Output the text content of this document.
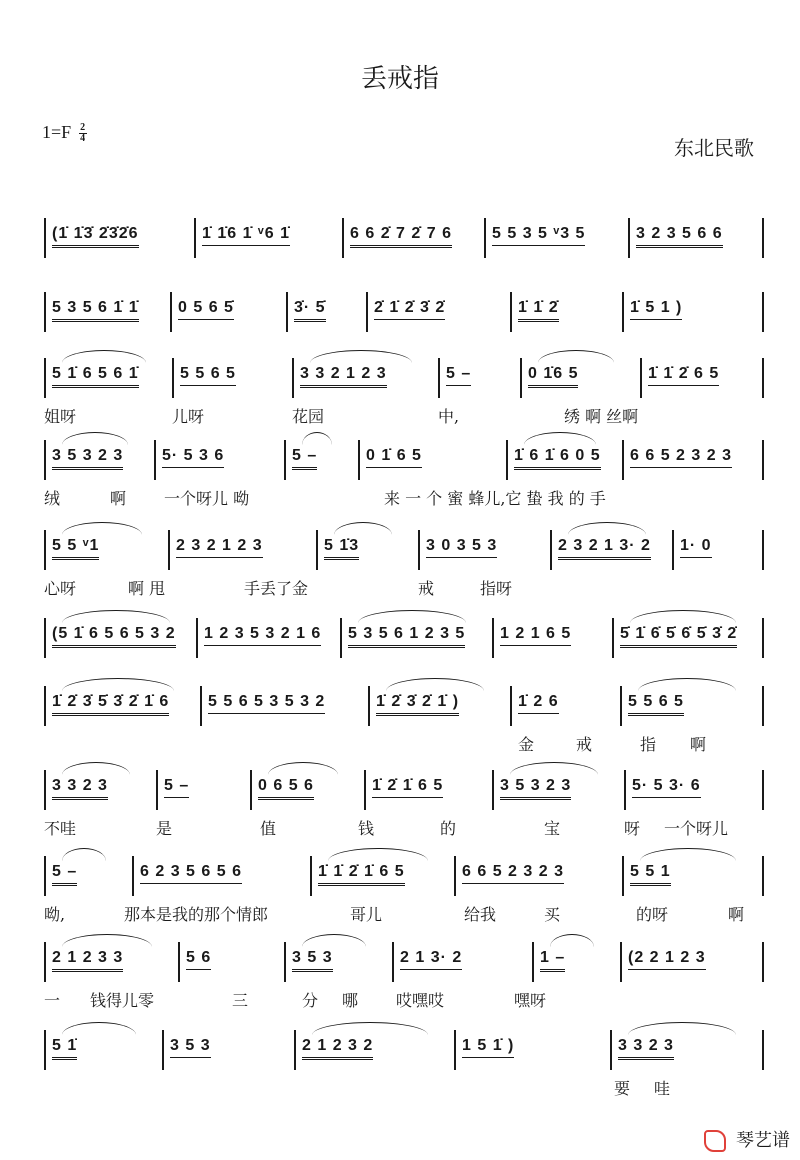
丢戒指
$1=F \frac{2}{4}$
东北民歌
(1̇ 1̇3̇ 2̇3̇2̇6	1̇ 1̇6 1̇ ᵛ6 1̇	6 6 2̇ 7 2̇ 7 6	5 5 3 5 ᵛ3 5	3 2 3 5 6 6
5 3 5 6 1̇ 1̇ 0 5 6 5̇	3̇· 5̇	2̇ 1̇ 2̇ 3̇ 2̇	1̇ 1̇ 2̇	1̇ 5 1 )
5 1̇ 6 5 6 1̇	5 5 6 5	3 3 2 1 2 3	5 –	0 1̇6 5	1̇ 1̇ 2̇ 6 5
姐呀	儿呀	花园	中,	绣 啊 丝啊
3 5 3 2 3 5· 5 3 6	5 –	0 1̇ 6 5	1̇ 6 1̇ 6 0 5 6 6 5 2 3 2 3
绒	啊 一个呀儿 呦	来 一 个 蜜 蜂儿,它 蛰 我 的 手
5 5 ᵛ1	2 3 2 1 2 3	5 1̇3	3 0 3 5 3	2 3 2 1 3· 2 1· 0
心呀	啊 甩	手丢了金	戒	指 呀
(5 1̇ 6 5 6 5 3 2 1 2 3 5 3 2 1 6 5 3 5 6 1 2 3 5 1 2 1 6 5	5̇ 1̇ 6̇ 5̇ 6̇ 5̇ 3̇ 2̇
1̇ 2̇ 3̇ 5̇ 3̇ 2̇ 1̇ 6 5 5 6 5 3 5 3 2	1̇ 2̇ 3̇ 2̇ 1̇ )	1̇ 2 6	5 5 6 5
金	戒	指 啊
3 3 2 3	5 –	0 6 5 6	1̇ 2̇ 1̇ 6 5	3 5 3 2 3	5· 5 3· 6
不哇	是	值	钱	的	宝	呀 一个呀儿
5 –	6 2 3 5 6 5 6	1̇ 1̇ 2̇ 1̇ 6 5	6 6 5 2 3 2 3	5 5 1
呦,	那本是我的那个情郎	哥儿	给我	买	的呀	啊
2 1 2 3 3	5 6	3 5 3	2 1 3· 2	1 –	(2 2 1 2 3
一 钱得儿零	三	分 哪 哎嘿哎	嘿呀
5 1̇	3 5 3	2 1 2 3 2	1 5 1̇ )	3 3 2 3
要 哇
琴艺谱
